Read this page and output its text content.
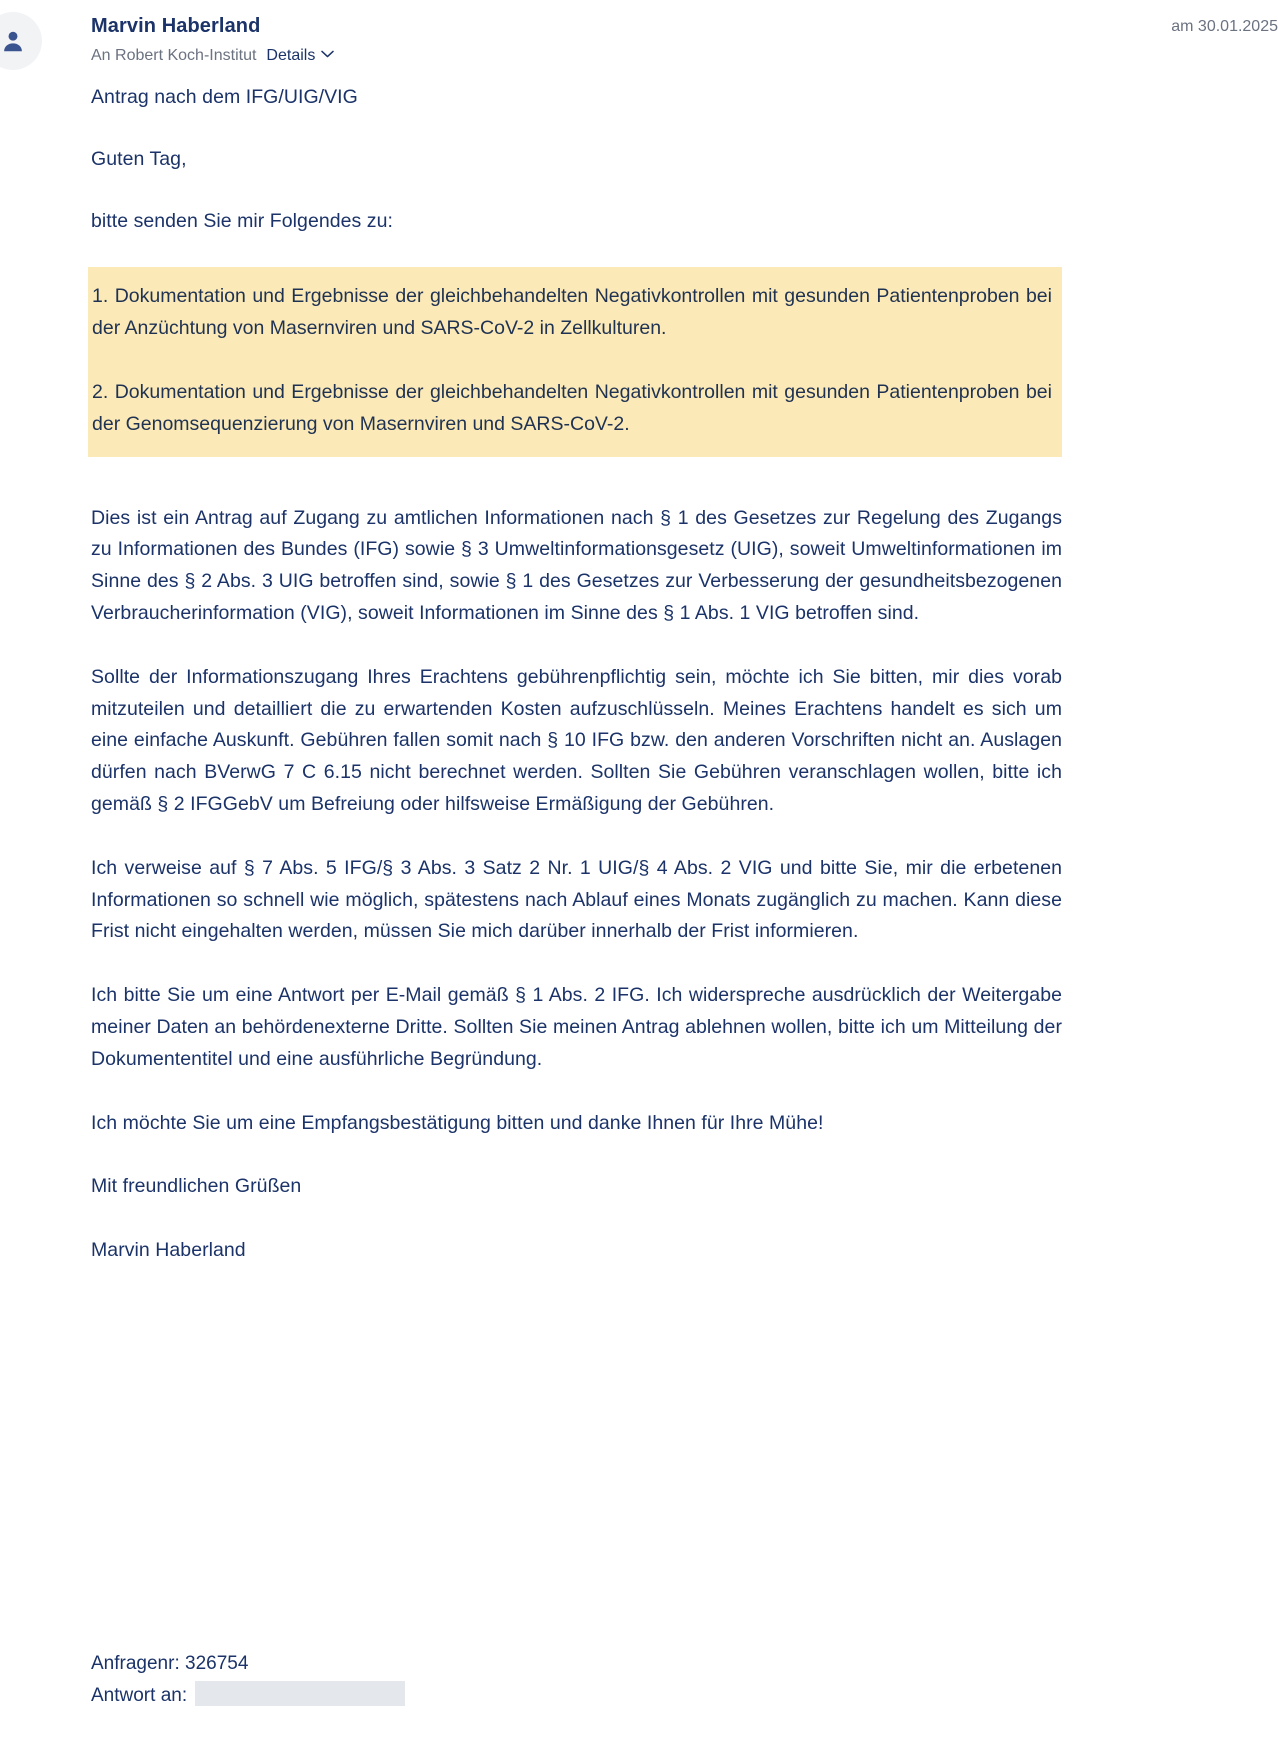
Marvin Haberland
An Robert Koch-Institut Details
am 30.01.2025

Antrag nach dem IFG/UIG/VIG

Guten Tag,

bitte senden Sie mir Folgendes zu:

1. Dokumentation und Ergebnisse der gleichbehandelten Negativkontrollen mit gesunden Patientenproben bei der Anzüchtung von Masernviren und SARS-CoV-2 in Zellkulturen.

2. Dokumentation und Ergebnisse der gleichbehandelten Negativkontrollen mit gesunden Patientenproben bei der Genomsequenzierung von Masernviren und SARS-CoV-2.

Dies ist ein Antrag auf Zugang zu amtlichen Informationen nach § 1 des Gesetzes zur Regelung des Zugangs zu Informationen des Bundes (IFG) sowie § 3 Umweltinformationsgesetz (UIG), soweit Umweltinformationen im Sinne des § 2 Abs. 3 UIG betroffen sind, sowie § 1 des Gesetzes zur Verbesserung der gesundheitsbezogenen Verbraucherinformation (VIG), soweit Informationen im Sinne des § 1 Abs. 1 VIG betroffen sind.

Sollte der Informationszugang Ihres Erachtens gebührenpflichtig sein, möchte ich Sie bitten, mir dies vorab mitzuteilen und detailliert die zu erwartenden Kosten aufzuschlüsseln. Meines Erachtens handelt es sich um eine einfache Auskunft. Gebühren fallen somit nach § 10 IFG bzw. den anderen Vorschriften nicht an. Auslagen dürfen nach BVerwG 7 C 6.15 nicht berechnet werden. Sollten Sie Gebühren veranschlagen wollen, bitte ich gemäß § 2 IFGGebV um Befreiung oder hilfsweise Ermäßigung der Gebühren.

Ich verweise auf § 7 Abs. 5 IFG/§ 3 Abs. 3 Satz 2 Nr. 1 UIG/§ 4 Abs. 2 VIG und bitte Sie, mir die erbetenen Informationen so schnell wie möglich, spätestens nach Ablauf eines Monats zugänglich zu machen. Kann diese Frist nicht eingehalten werden, müssen Sie mich darüber innerhalb der Frist informieren.

Ich bitte Sie um eine Antwort per E-Mail gemäß § 1 Abs. 2 IFG. Ich widerspreche ausdrücklich der Weitergabe meiner Daten an behördenexterne Dritte. Sollten Sie meinen Antrag ablehnen wollen, bitte ich um Mitteilung der Dokumententitel und eine ausführliche Begründung.

Ich möchte Sie um eine Empfangsbestätigung bitten und danke Ihnen für Ihre Mühe!

Mit freundlichen Grüßen

Marvin Haberland

Anfragenr: 326754

Antwort an:
